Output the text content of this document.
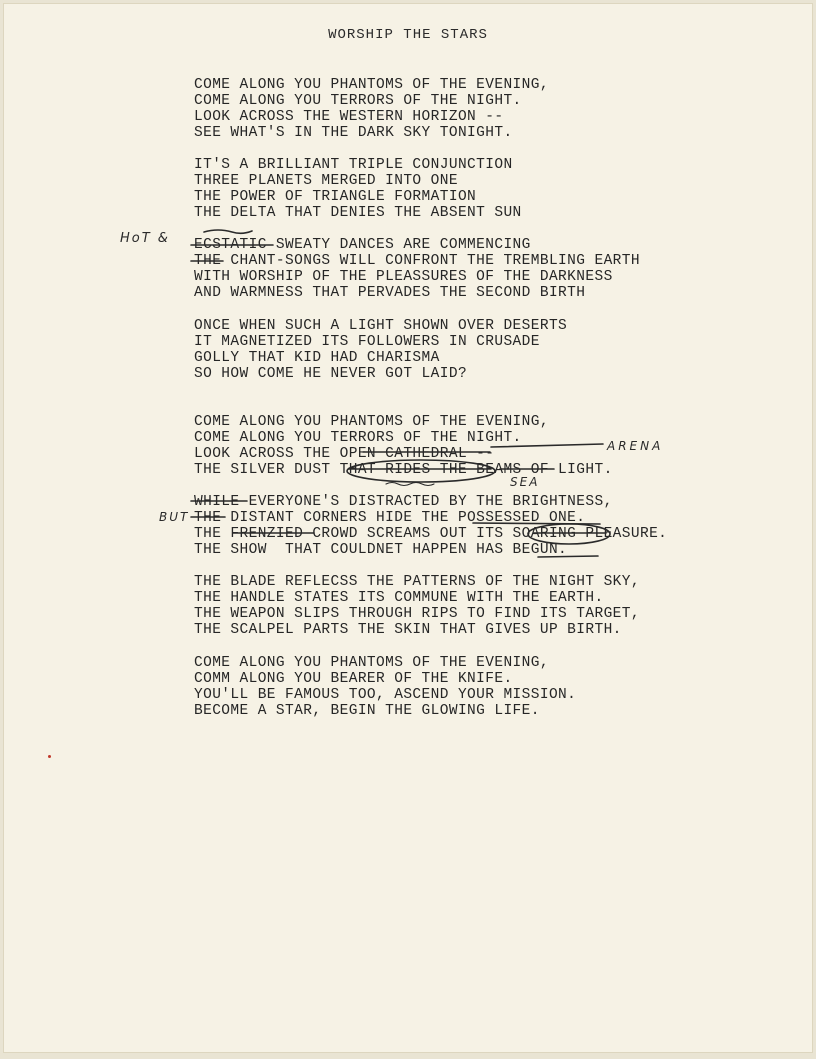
WORSHIP THE STARS
COME ALONG YOU PHANTOMS OF THE EVENING,
COME ALONG YOU TERRORS OF THE NIGHT.
LOOK ACROSS THE WESTERN HORIZON --
SEE WHAT'S IN THE DARK SKY TONIGHT.
IT'S A BRILLIANT TRIPLE CONJUNCTION
THREE PLANETS MERGED INTO ONE
THE POWER OF TRIANGLE FORMATION
THE DELTA THAT DENIES THE ABSENT SUN
ECSTATIC SWEATY DANCES ARE COMMENCING
THE CHANT-SONGS WILL CONFRONT THE TREMBLING EARTH
WITH WORSHIP OF THE PLEASSURES OF THE DARKNESS
AND WARMNESS THAT PERVADES THE SECOND BIRTH
ONCE WHEN SUCH A LIGHT SHOWN OVER DESERTS
IT MAGNETIZED ITS FOLLOWERS IN CRUSADE
GOLLY THAT KID HAD CHARISMA
SO HOW COME HE NEVER GOT LAID?
COME ALONG YOU PHANTOMS OF THE EVENING,
COME ALONG YOU TERRORS OF THE NIGHT.
LOOK ACROSS THE OPEN CATHEDRAL --
THE SILVER DUST THAT RIDES THE BEAMS OF LIGHT.
WHILE EVERYONE'S DISTRACTED BY THE BRIGHTNESS,
THE DISTANT CORNERS HIDE THE POSSESSED ONE.
THE FRENZIED CROWD SCREAMS OUT ITS SOARING PLEASURE.
THE SHOW  THAT COULDNET HAPPEN HAS BEGUN.
THE BLADE REFLECSS THE PATTERNS OF THE NIGHT SKY,
THE HANDLE STATES ITS COMMUNE WITH THE EARTH.
THE WEAPON SLIPS THROUGH RIPS TO FIND ITS TARGET,
THE SCALPEL PARTS THE SKIN THAT GIVES UP BIRTH.
COME ALONG YOU PHANTOMS OF THE EVENING,
COMM ALONG YOU BEARER OF THE KNIFE.
YOU'LL BE FAMOUS TOO, ASCEND YOUR MISSION.
BECOME A STAR, BEGIN THE GLOWING LIFE.
HoT &
ARENA
SEA
BUT
